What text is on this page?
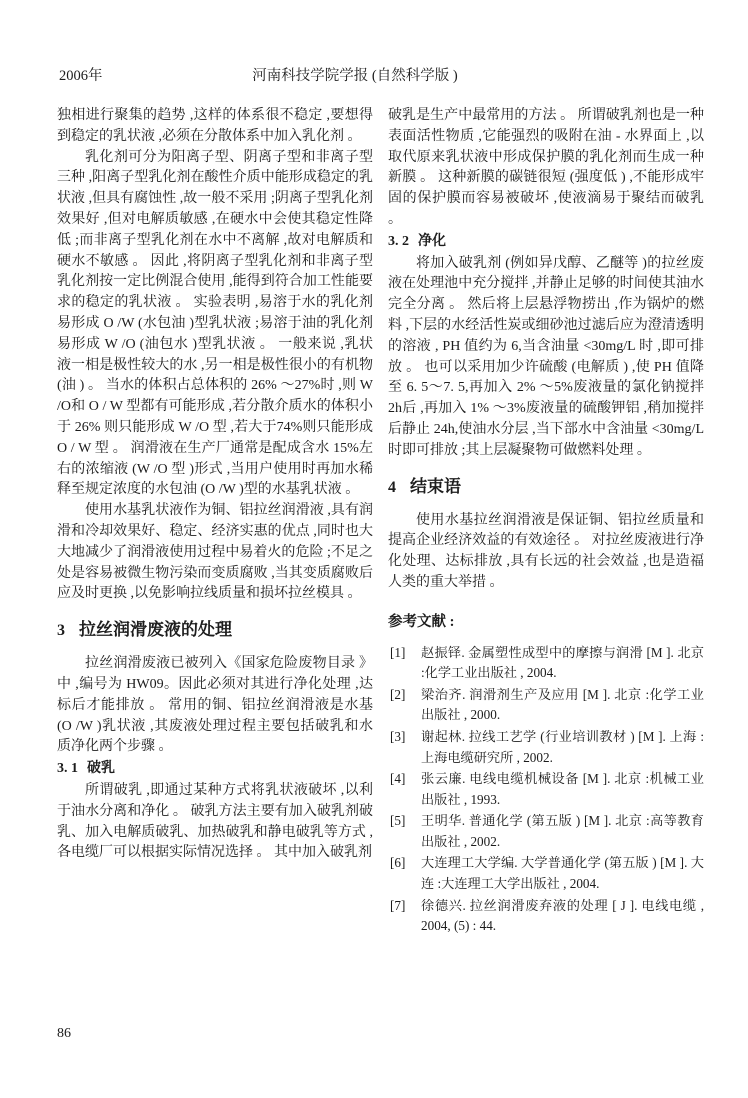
2006年	河南科技学院学报 (自然科学版 )

独相进行聚集的趋势 ,这样的体系很不稳定 ,要想得到稳定的乳状液 ,必须在分散体系中加入乳化剂 。

乳化剂可分为阳离子型、阴离子型和非离子型三种 ,阳离子型乳化剂在酸性介质中能形成稳定的乳状液 ,但具有腐蚀性 ,故一般不采用 ;阴离子型乳化剂效果好 ,但对电解质敏感 ,在硬水中会使其稳定性降低 ;而非离子型乳化剂在水中不离解 ,故对电解质和硬水不敏感 。 因此 ,将阴离子型乳化剂和非离子型乳化剂按一定比例混合使用 ,能得到符合加工性能要求的稳定的乳状液 。 实验表明 ,易溶于水的乳化剂易形成 O /W (水包油 )型乳状液 ;易溶于油的乳化剂易形成 W /O (油包水 )型乳状液 。 一般来说 ,乳状液一相是极性较大的水 ,另一相是极性很小的有机物 (油 ) 。 当水的体积占总体积的 26% ～27%时 ,则 W /O和 O / W 型都有可能形成 ,若分散介质水的体积小于 26% 则只能形成 W /O 型 ,若大于74%则只能形成 O / W 型 。 润滑液在生产厂通常是配成含水 15%左右的浓缩液 (W /O 型 )形式 ,当用户使用时再加水稀释至规定浓度的水包油 (O /W )型的水基乳状液 。

使用水基乳状液作为铜、铝拉丝润滑液 ,具有润滑和冷却效果好、稳定、经济实惠的优点 ,同时也大大地减少了润滑液使用过程中易着火的危险 ;不足之处是容易被微生物污染而变质腐败 ,当其变质腐败后应及时更换 ,以免影响拉线质量和损坏拉丝模具 。

3 拉丝润滑废液的处理

拉丝润滑废液已被列入《国家危险废物目录 》中 ,编号为 HW09。因此必须对其进行净化处理 ,达标后才能排放 。 常用的铜、铝拉丝润滑液是水基 (O /W )乳状液 ,其废液处理过程主要包括破乳和水质净化两个步骤 。

3. 1 破乳

所谓破乳 ,即通过某种方式将乳状液破坏 ,以利于油水分离和净化 。 破乳方法主要有加入破乳剂破乳、加入电解质破乳、加热破乳和静电破乳等方式 ,各电缆厂可以根据实际情况选择 。 其中加入破乳剂

破乳是生产中最常用的方法 。 所谓破乳剂也是一种表面活性物质 ,它能强烈的吸附在油 - 水界面上 ,以取代原来乳状液中形成保护膜的乳化剂而生成一种新膜 。 这种新膜的碳链很短 (强度低 ) ,不能形成牢固的保护膜而容易被破坏 ,使液滴易于聚结而破乳 。

3. 2 净化

将加入破乳剂 (例如异戊醇、乙醚等 )的拉丝废液在处理池中充分搅拌 ,并静止足够的时间使其油水完全分离 。 然后将上层悬浮物捞出 ,作为锅炉的燃料 ,下层的水经活性炭或细砂池过滤后应为澄清透明的溶液 , PH 值约为 6,当含油量 <30mg/L 时 ,即可排放 。 也可以采用加少许硫酸 (电解质 ) ,使 PH 值降至 6. 5～7. 5,再加入 2% ～5%废液量的氯化钠搅拌 2h后 ,再加入 1% ～3%废液量的硫酸钾铝 ,稍加搅拌后静止 24h,使油水分层 ,当下部水中含油量 <30mg/L时即可排放 ;其上层凝聚物可做燃料处理 。

4 结束语

使用水基拉丝润滑液是保证铜、铝拉丝质量和提高企业经济效益的有效途径 。 对拉丝废液进行净化处理、达标排放 ,具有长远的社会效益 ,也是造福人类的重大举措 。

参考文献 :
[1] 赵振铎. 金属塑性成型中的摩擦与润滑 [M ]. 北京 :化学工业出版社 , 2004.
[2] 梁治齐. 润滑剂生产及应用 [M ]. 北京 :化学工业出版社 , 2000.
[3] 谢起林. 拉线工艺学 (行业培训教材 ) [M ]. 上海 :上海电缆研究所 , 2002.
[4] 张云廉. 电线电缆机械设备 [M ]. 北京 :机械工业出版社 , 1993.
[5] 王明华. 普通化学 (第五版 ) [M ]. 北京 :高等教育出版社 , 2002.
[6] 大连理工大学编. 大学普通化学 (第五版 ) [M ]. 大连 :大连理工大学出版社 , 2004.
[7] 徐德兴. 拉丝润滑废弃液的处理 [ J ]. 电线电缆 , 2004, (5) : 44.
86
